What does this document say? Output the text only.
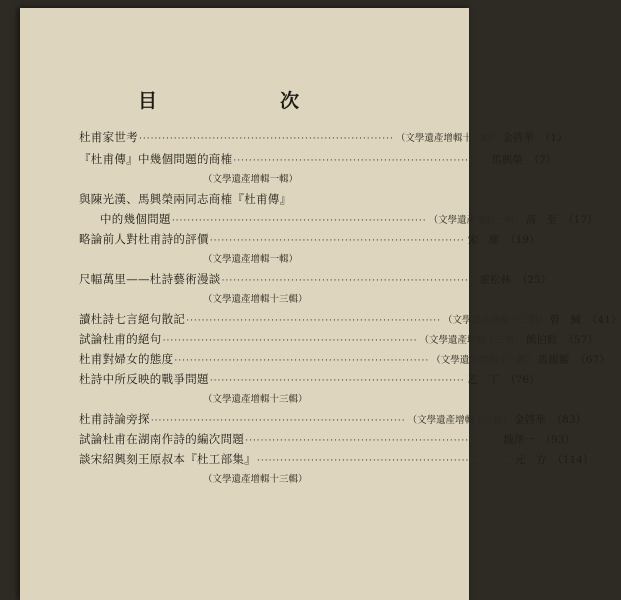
目　次
杜甫家世考 ·································································· （文學遺產增輯十三輯） 金啓華 （1）
『杜甫傳』中幾個問題的商榷 ·································································· 馬興榮 （7）
（文學遺產增輯一輯）
與陳光漢、馬興榮兩同志商榷『杜甫傳』
中的幾個問題 ·································································· （文學遺產增輯一輯） 高　至 （17）
略論前人對杜甫詩的評價 ·································································· 宋　廓 （19）
（文學遺產增輯一輯）
尺幅萬里——杜詩藝術漫談 ·································································· 霍松林 （25）
（文學遺產增輯十三輯）
讀杜詩七言絕句散記 ·································································· （文學遺產增輯十三輯） 曾　緘 （41）
試論杜甫的絕句 ·································································· （文學遺產增輯十三輯） 熊伯畦 （57）
杜甫對婦女的態度 ·································································· （文學遺產增輯十三輯） 馬錫鑑 （67）
杜詩中所反映的戰爭問題 ·································································· 乙　丁 （76）
（文學遺產增輯十三輯）
杜甫詩論旁探 ·································································· （文學遺產增輯十三輯） 金啓華 （83）
試論杜甫在湖南作詩的編次問題 ·································································· 魏澤一 （93）
談宋紹興刻王原叔本『杜工部集』 ·································································· 元　方 （114）
（文學遺產增輯十三輯）
